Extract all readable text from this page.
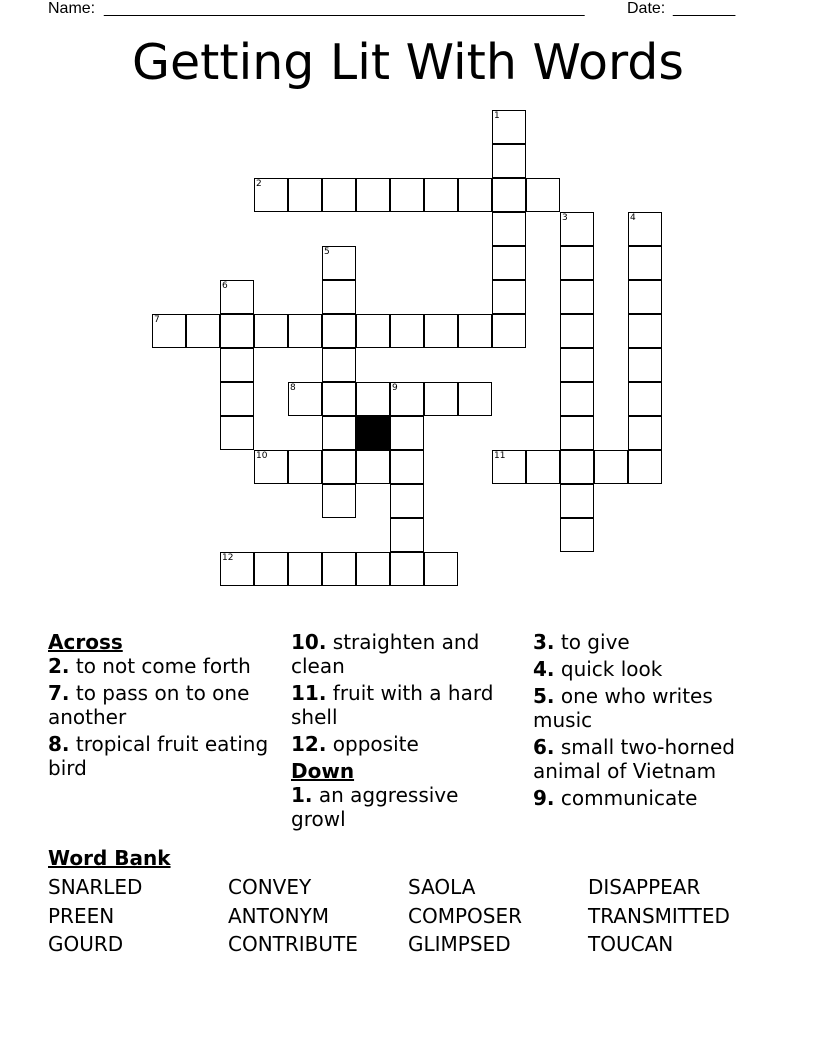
Name: ______________________________________________________	Date: _______
Getting Lit With Words
2
7
8	9
10	11
12
1
3	4
5
6
Across
2. to not come forth
7. to pass on to one another
8. tropical fruit eating bird
10. straighten and clean
11. fruit with a hard shell
12. opposite
Down
1. an aggressive growl
3. to give
4. quick look
5. one who writes music
6. small two-horned animal of Vietnam
9. communicate
Word Bank
SNARLED	CONVEY	SAOLA	DISAPPEAR
PREEN	ANTONYM	COMPOSER	TRANSMITTED
GOURD	CONTRIBUTE	GLIMPSED	TOUCAN
